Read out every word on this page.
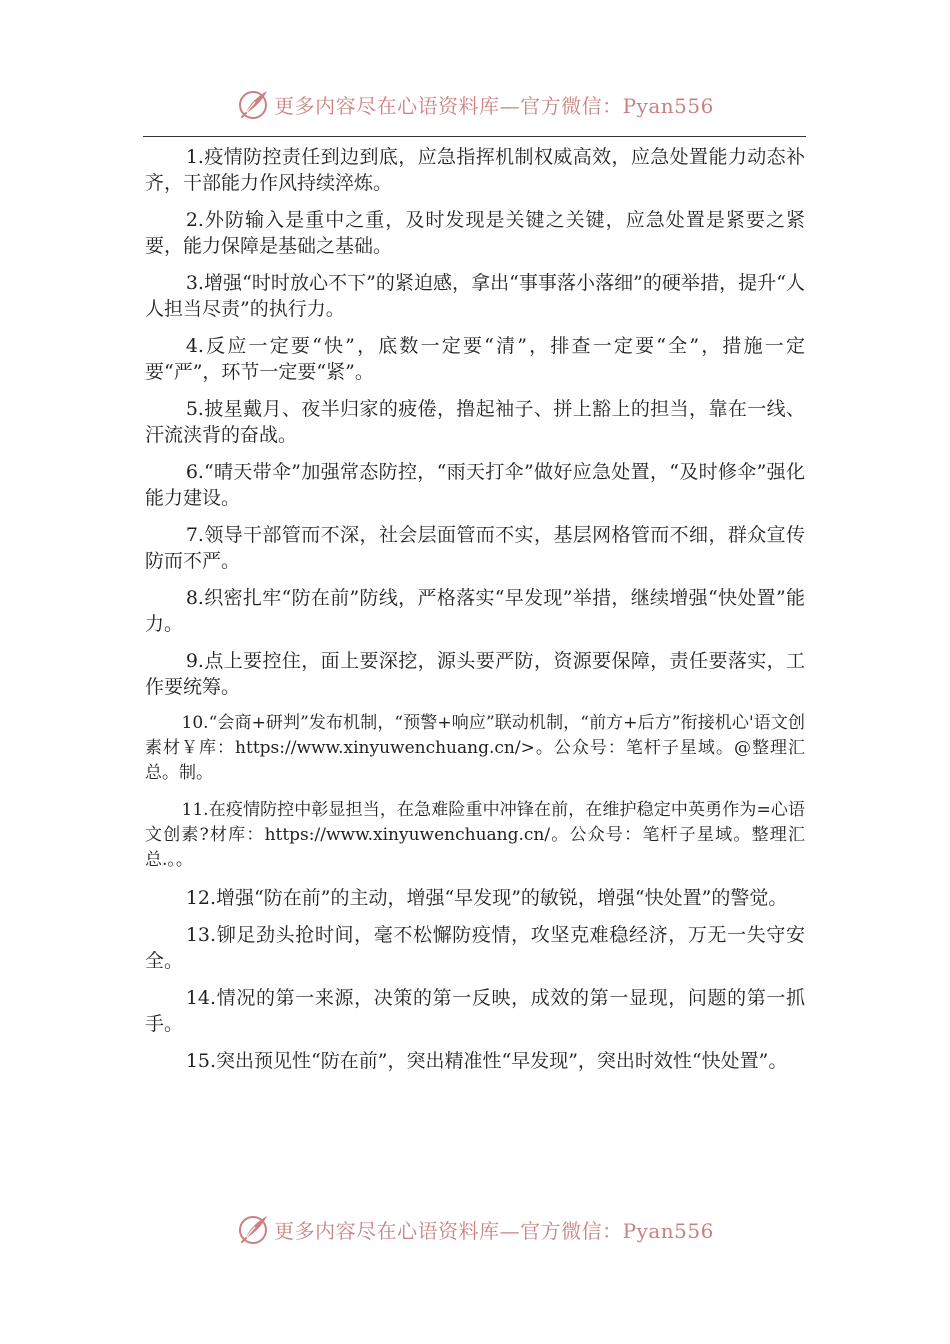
更多内容尽在心语资料库—官方微信：Pyan556

1.疫情防控责任到边到底，应急指挥机制权威高效，应急处置能力动态补齐，干部能力作风持续淬炼。

2.外防输入是重中之重，及时发现是关键之关键，应急处置是紧要之紧要，能力保障是基础之基础。

3.增强“时时放心不下”的紧迫感，拿出“事事落小落细”的硬举措，提升“人人担当尽责”的执行力。

4.反应一定要“快”，底数一定要“清”，排查一定要“全”，措施一定要“严”，环节一定要“紧”。

5.披星戴月、夜半归家的疲倦，撸起袖子、拼上豁上的担当，靠在一线、汗流浃背的奋战。

6.“晴天带伞”加强常态防控，“雨天打伞”做好应急处置，“及时修伞”强化能力建设。

7.领导干部管而不深，社会层面管而不实，基层网格管而不细，群众宣传防而不严。

8.织密扎牢“防在前”防线，严格落实“早发现”举措，继续增强“快处置”能力。

9.点上要控住，面上要深挖，源头要严防，资源要保障，责任要落实，工作要统筹。

10.“会商+研判”发布机制，“预警+响应”联动机制，“前方+后方”衔接机心'语文创素材￥库：https://www.xinyuwenchuang.cn/>。公众号：笔杆子星域。@整理汇总。制。

11.在疫情防控中彰显担当，在急难险重中冲锋在前，在维护稳定中英勇作为=心语文创素?材库：https://www.xinyuwenchuang.cn/。公众号：笔杆子星域。整理汇总.。。

12.增强“防在前”的主动，增强“早发现”的敏锐，增强“快处置”的警觉。

13.铆足劲头抢时间，毫不松懈防疫情，攻坚克难稳经济，万无一失守安全。

14.情况的第一来源，决策的第一反映，成效的第一显现，问题的第一抓手。

15.突出预见性“防在前”，突出精准性“早发现”，突出时效性“快处置”。

更多内容尽在心语资料库—官方微信：Pyan556
